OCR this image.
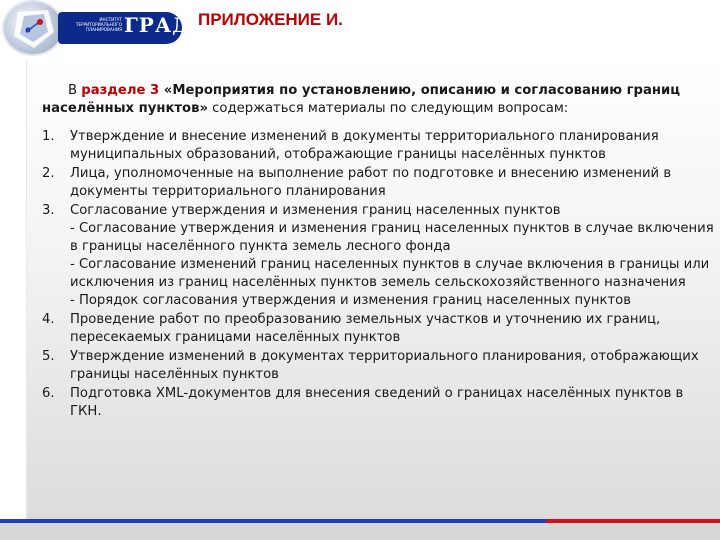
ИНСТИТУТ
ТЕРРИТОРИАЛЬНОГО
ПЛАНИРОВАНИЯ ГРАД ПРИЛОЖЕНИЕ И.

В разделе 3 «Мероприятия по установлению, описанию и согласованию границ населённых пунктов» содержаться материалы по следующим вопросам:

1. Утверждение и внесение изменений в документы территориального планирования муниципальных образований, отображающие границы населённых пунктов
2. Лица, уполномоченные на выполнение работ по подготовке и внесению изменений в документы территориального планирования
3. Согласование утверждения и изменения границ населенных пунктов
- Согласование утверждения и изменения границ населенных пунктов в случае включения в границы населённого пункта земель лесного фонда
- Согласование изменений границ населенных пунктов в случае включения в границы или исключения из границ населённых пунктов земель сельскохозяйственного назначения
- Порядок согласования утверждения и изменения границ населенных пунктов
4. Проведение работ по преобразованию земельных участков и уточнению их границ, пересекаемых границами населённых пунктов
5. Утверждение изменений в документах территориального планирования, отображающих границы населённых пунктов
6. Подготовка XML-документов для внесения сведений о границах населённых пунктов в ГКН.
